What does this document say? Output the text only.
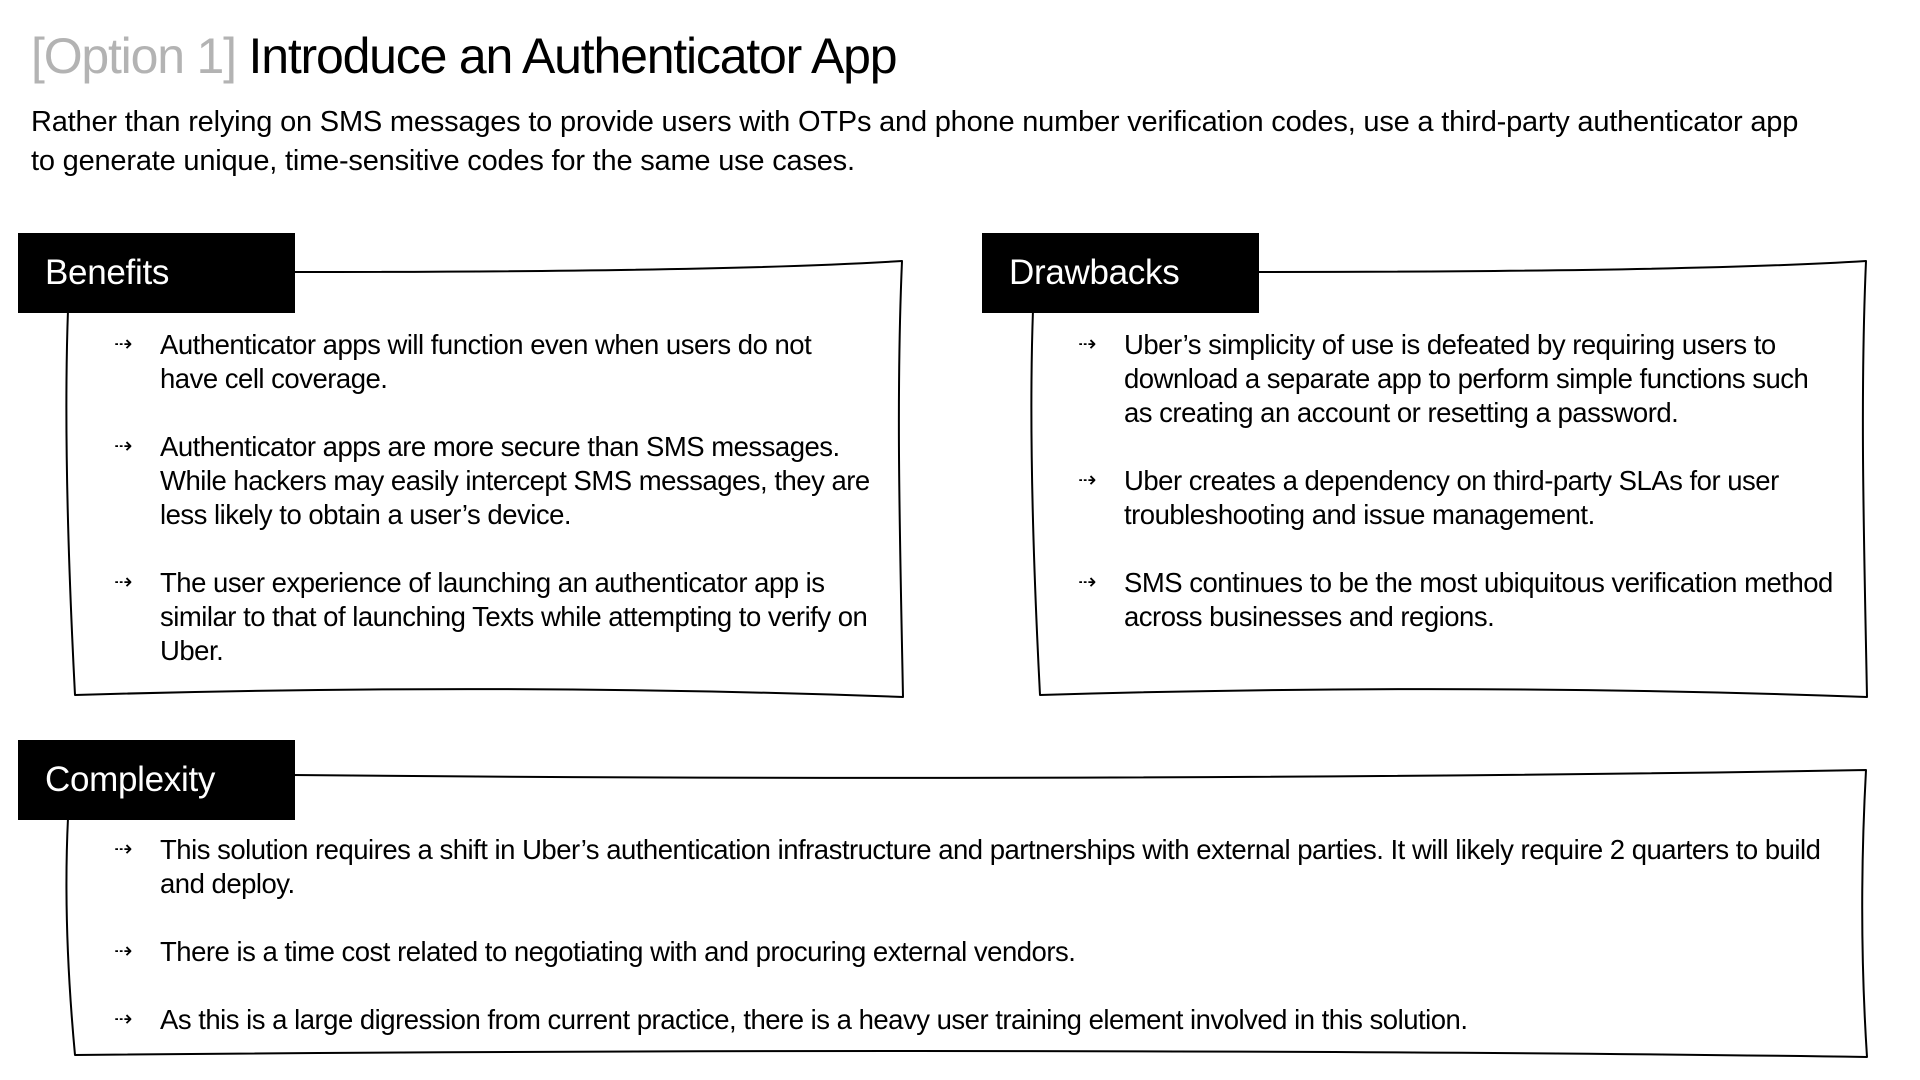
[Option 1] Introduce an Authenticator App

Rather than relying on SMS messages to provide users with OTPs and phone number verification codes, use a third-party authenticator app to generate unique, time-sensitive codes for the same use cases.

Benefits
⇢ Authenticator apps will function even when users do not have cell coverage.
⇢ Authenticator apps are more secure than SMS messages. While hackers may easily intercept SMS messages, they are less likely to obtain a user’s device.
⇢ The user experience of launching an authenticator app is similar to that of launching Texts while attempting to verify on Uber.
Drawbacks
⇢ Uber’s simplicity of use is defeated by requiring users to download a separate app to perform simple functions such as creating an account or resetting a password.
⇢ Uber creates a dependency on third-party SLAs for user troubleshooting and issue management.
⇢ SMS continues to be the most ubiquitous verification method across businesses and regions.
Complexity
⇢ This solution requires a shift in Uber’s authentication infrastructure and partnerships with external parties. It will likely require 2 quarters to build and deploy.
⇢ There is a time cost related to negotiating with and procuring external vendors.
⇢ As this is a large digression from current practice, there is a heavy user training element involved in this solution.
